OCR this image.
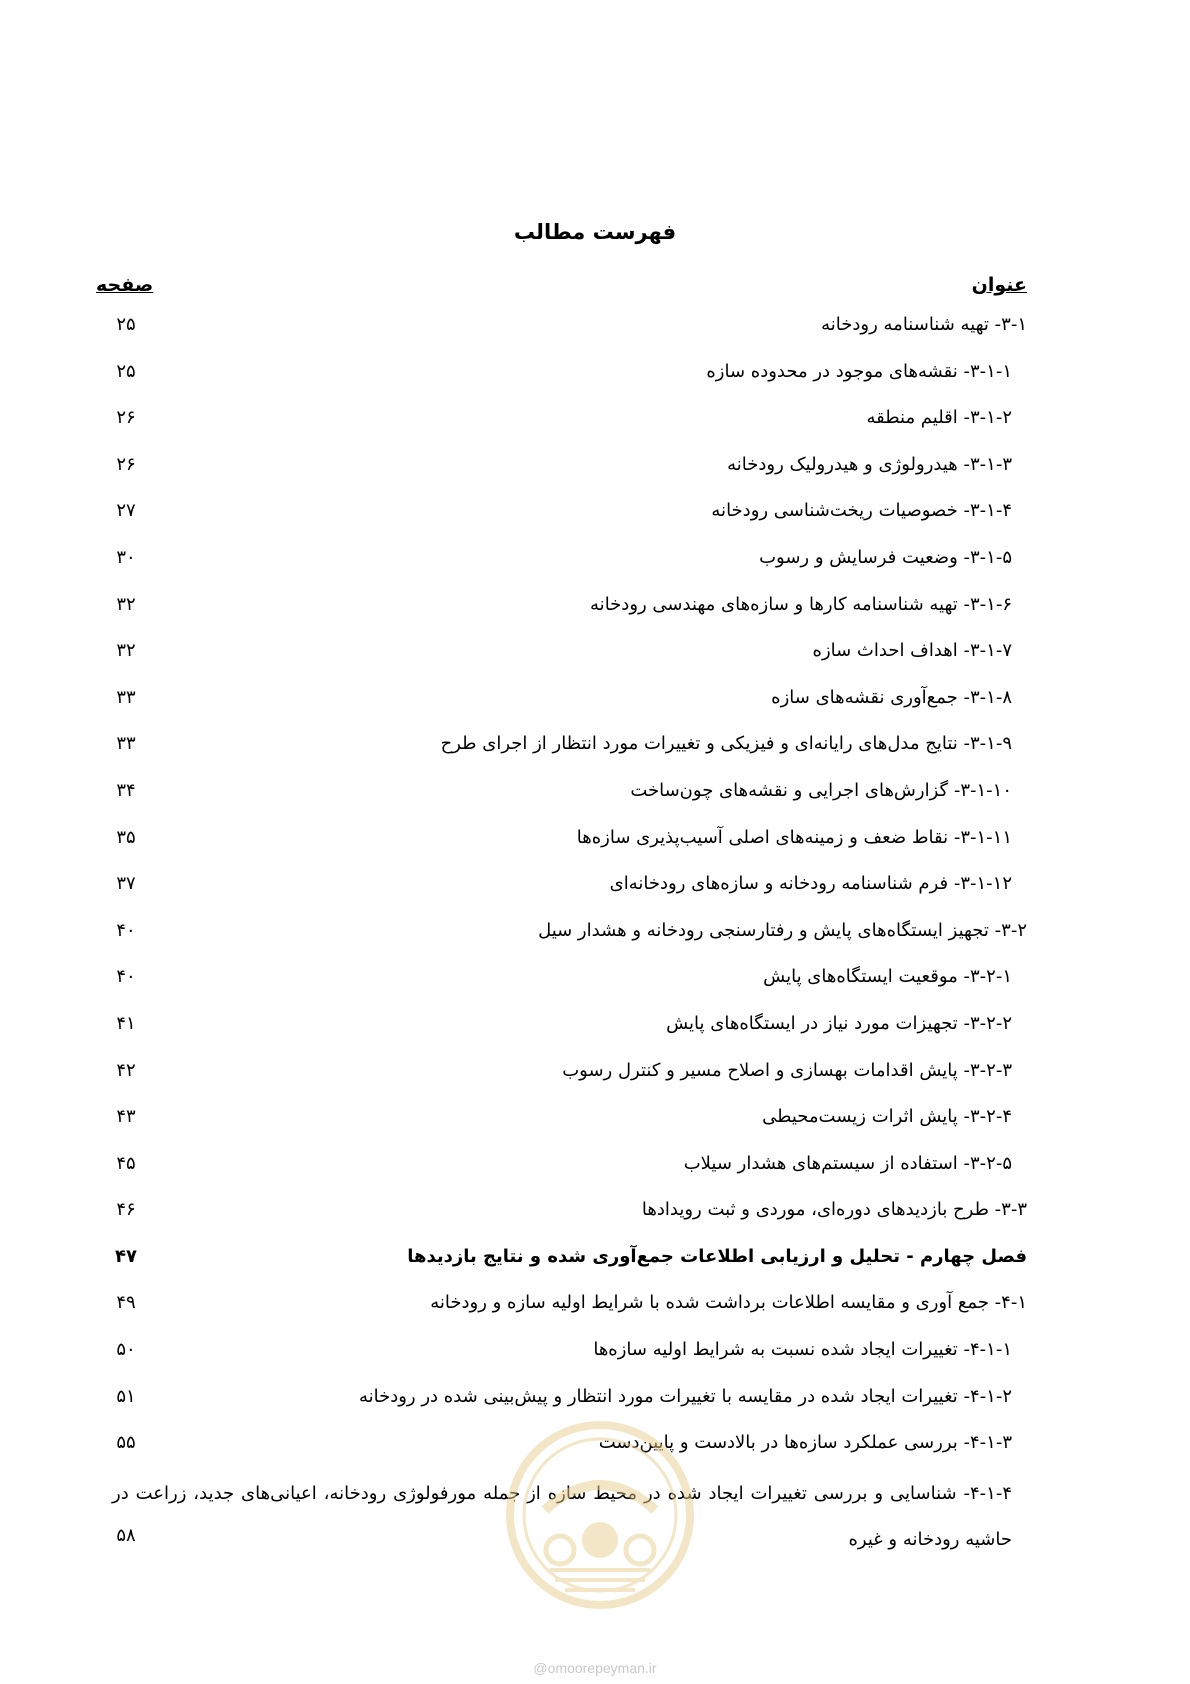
فهرست مطالب
عنوان
صفحه
۳-۱- تهیه شناسنامه رودخانه
۲۵
۳-۱-۱- نقشه‌های موجود در محدوده سازه
۲۵
۳-۱-۲- اقلیم منطقه
۲۶
۳-۱-۳- هیدرولوژی و هیدرولیک رودخانه
۲۶
۳-۱-۴- خصوصیات ریخت‌شناسی رودخانه
۲۷
۳-۱-۵- وضعیت فرسایش و رسوب
۳۰
۳-۱-۶- تهیه شناسنامه کارها و سازه‌های مهندسی رودخانه
۳۲
۳-۱-۷- اهداف احداث سازه
۳۲
۳-۱-۸- جمع‌آوری نقشه‌های سازه
۳۳
۳-۱-۹- نتایج مدل‌های رایانه‌ای و فیزیکی و تغییرات مورد انتظار از اجرای طرح
۳۳
۳-۱-۱۰- گزارش‌های اجرایی و نقشه‌های چون‌ساخت
۳۴
۳-۱-۱۱- نقاط ضعف و زمینه‌های اصلی آسیب‌پذیری سازه‌ها
۳۵
۳-۱-۱۲- فرم شناسنامه رودخانه و سازه‌های رودخانه‌ای
۳۷
۳-۲- تجهیز ایستگاه‌های پایش و رفتارسنجی رودخانه و هشدار سیل
۴۰
۳-۲-۱- موقعیت ایستگاه‌های پایش
۴۰
۳-۲-۲- تجهیزات مورد نیاز در ایستگاه‌های پایش
۴۱
۳-۲-۳- پایش اقدامات بهسازی و اصلاح مسیر و کنترل رسوب
۴۲
۳-۲-۴- پایش اثرات زیست‌محیطی
۴۳
۳-۲-۵- استفاده از سیستم‌های هشدار سیلاب
۴۵
۳-۳- طرح بازدیدهای دوره‌ای، موردی و ثبت رویدادها
۴۶
فصل چهارم - تحلیل و ارزیابی اطلاعات جمع‌آوری شده و نتایج بازدیدها
۴۷
۴-۱- جمع آوری و مقایسه اطلاعات برداشت شده با شرایط اولیه سازه و رودخانه
۴۹
۴-۱-۱- تغییرات ایجاد شده نسبت به شرایط اولیه سازه‌ها
۵۰
۴-۱-۲- تغییرات ایجاد شده در مقایسه با تغییرات مورد انتظار و پیش‌بینی شده در رودخانه
۵۱
۴-۱-۳- بررسی عملکرد سازه‌ها در بالادست و پایین‌دست
۵۵
۴-۱-۴- شناسایی و بررسی تغییرات ایجاد شده در محیط سازه از جمله مورفولوژی رودخانه، اعیانی‌های جدید، زراعت در حاشیه رودخانه و غیره
۵۸
@omoorepeyman.ir
